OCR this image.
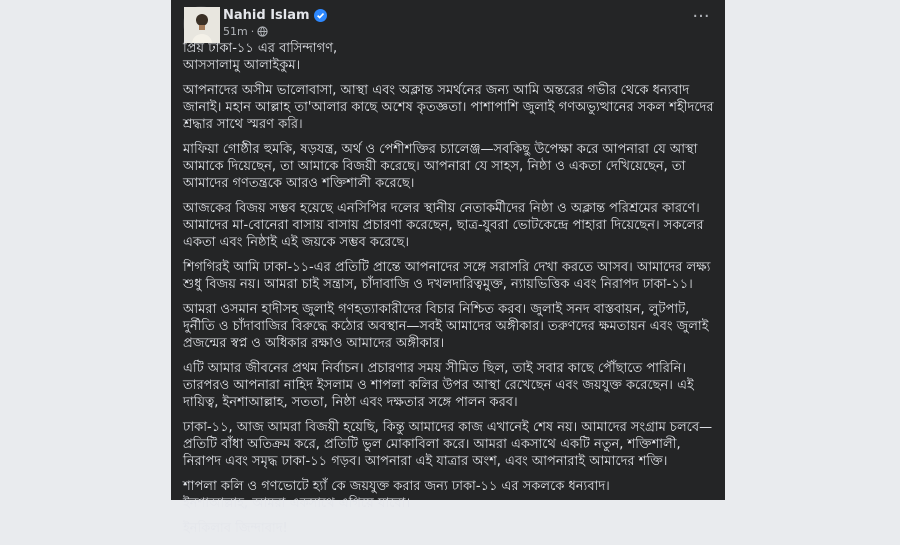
Nahid Islam
51m ·
···

প্রিয় ঢাকা-১১ এর বাসিন্দাগণ,
আসসালামু আলাইকুম।

আপনাদের অসীম ভালোবাসা, আস্থা এবং অক্লান্ত সমর্থনের জন্য আমি অন্তরের গভীর থেকে ধন্যবাদ জানাই। মহান আল্লাহ তা'আলার কাছে অশেষ কৃতজ্ঞতা। পাশাপাশি জুলাই গণঅভ্যুত্থানের সকল শহীদদের শ্রদ্ধার সাথে স্মরণ করি।

মাফিয়া গোষ্ঠীর হুমকি, ষড়যন্ত্র, অর্থ ও পেশীশক্তির চ্যালেঞ্জ—সবকিছু উপেক্ষা করে আপনারা যে আস্থা আমাকে দিয়েছেন, তা আমাকে বিজয়ী করেছে। আপনারা যে সাহস, নিষ্ঠা ও একতা দেখিয়েছেন, তা আমাদের গণতন্ত্রকে আরও শক্তিশালী করেছে।

আজকের বিজয় সম্ভব হয়েছে এনসিপির দলের স্থানীয় নেতাকর্মীদের নিষ্ঠা ও অক্লান্ত পরিশ্রমের কারণে। আমাদের মা-বোনেরা বাসায় বাসায় প্রচারণা করেছেন, ছাত্র-যুবরা ভোটকেন্দ্রে পাহারা দিয়েছেন। সকলের একতা এবং নিষ্ঠাই এই জয়কে সম্ভব করেছে।

শিগগিরই আমি ঢাকা-১১-এর প্রতিটি প্রান্তে আপনাদের সঙ্গে সরাসরি দেখা করতে আসব। আমাদের লক্ষ্য শুধু বিজয় নয়। আমরা চাই সন্ত্রাস, চাঁদাবাজি ও দখলদারিত্বমুক্ত, ন্যায়ভিত্তিক এবং নিরাপদ ঢাকা-১১।

আমরা ওসমান হাদীসহ জুলাই গণহত্যাকারীদের বিচার নিশ্চিত করব। জুলাই সনদ বাস্তবায়ন, লুটপাট, দুর্নীতি ও চাঁদাবাজির বিরুদ্ধে কঠোর অবস্থান—সবই আমাদের অঙ্গীকার। তরুণদের ক্ষমতায়ন এবং জুলাই প্রজন্মের স্বপ্ন ও অধিকার রক্ষাও আমাদের অঙ্গীকার।

এটি আমার জীবনের প্রথম নির্বাচন। প্রচারণার সময় সীমিত ছিল, তাই সবার কাছে পৌঁছাতে পারিনি। তারপরও আপনারা নাহিদ ইসলাম ও শাপলা কলির উপর আস্থা রেখেছেন এবং জয়যুক্ত করেছেন। এই দায়িত্ব, ইনশাআল্লাহ, সততা, নিষ্ঠা এবং দক্ষতার সঙ্গে পালন করব।

ঢাকা-১১, আজ আমরা বিজয়ী হয়েছি, কিন্তু আমাদের কাজ এখানেই শেষ নয়। আমাদের সংগ্রাম চলবে—প্রতিটি বাঁধা অতিক্রম করে, প্রতিটি ভুল মোকাবিলা করে। আমরা একসাথে একটি নতুন, শক্তিশালী, নিরাপদ এবং সমৃদ্ধ ঢাকা-১১ গড়ব। আপনারা এই যাত্রার অংশ, এবং আপনারাই আমাদের শক্তি।

শাপলা কলি ও গণভোটে হ্যাঁ কে জয়যুক্ত করার জন্য ঢাকা-১১ এর সকলকে ধন্যবাদ।
ইনশাআল্লাহ, আমরা একসাথে এগিয়ে যাবো।

ইনকিলাব জিন্দাবাদ!
